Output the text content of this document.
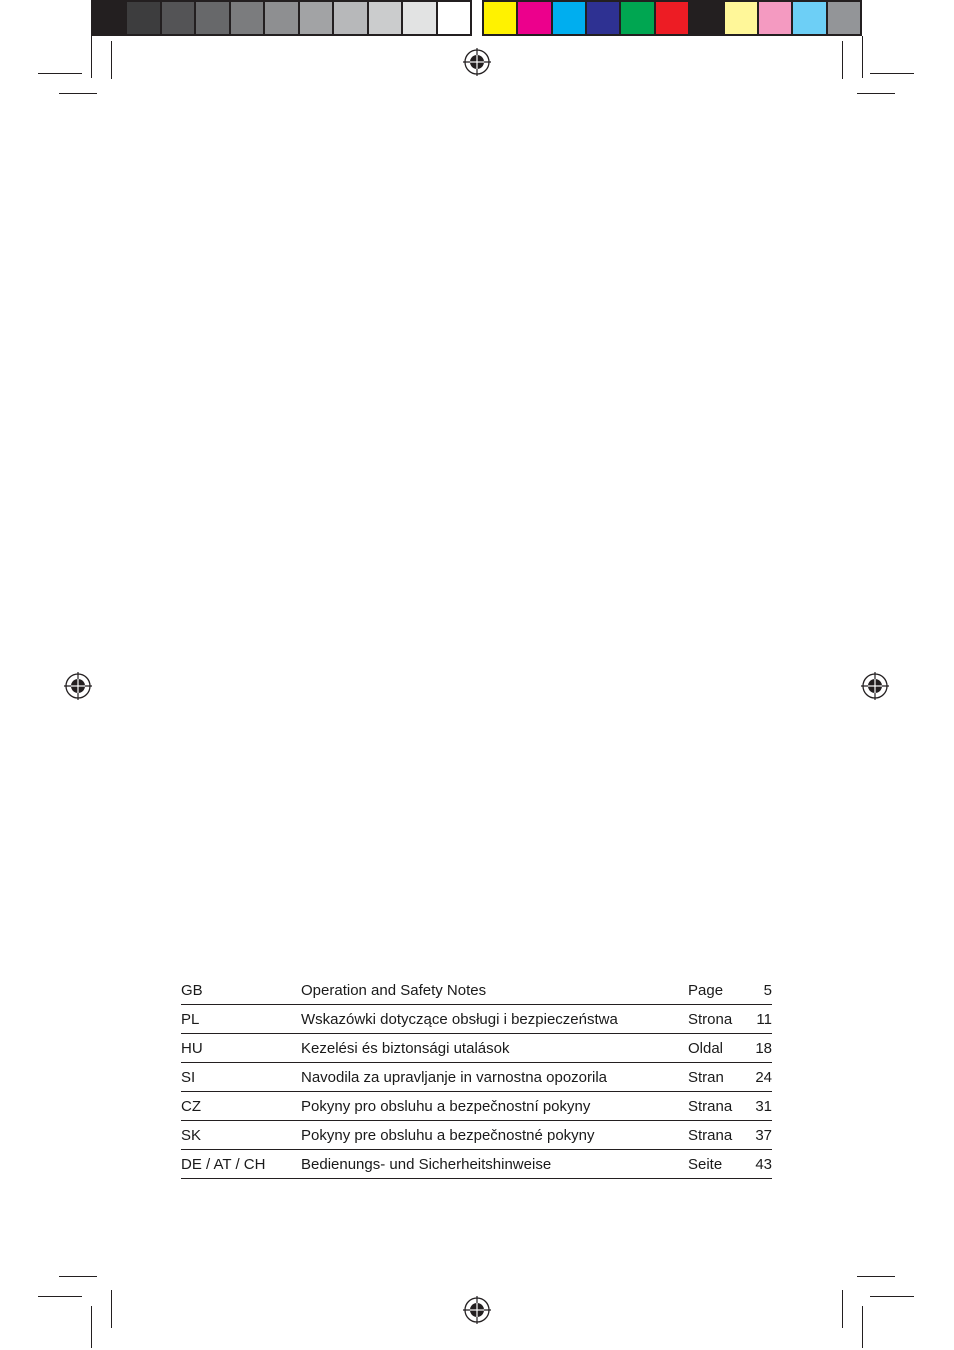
GB	Operation and Safety Notes	Page	5
PL	Wskazówki dotyczące obsługi i bezpieczeństwa	Strona	11
HU	Kezelési és biztonsági utalások	Oldal	18
SI	Navodila za upravljanje in varnostna opozorila	Stran	24
CZ	Pokyny pro obsluhu a bezpečnostní pokyny	Strana	31
SK	Pokyny pre obsluhu a bezpečnostné pokyny	Strana	37
DE / AT / CH	Bedienungs- und Sicherheitshinweise	Seite	43
